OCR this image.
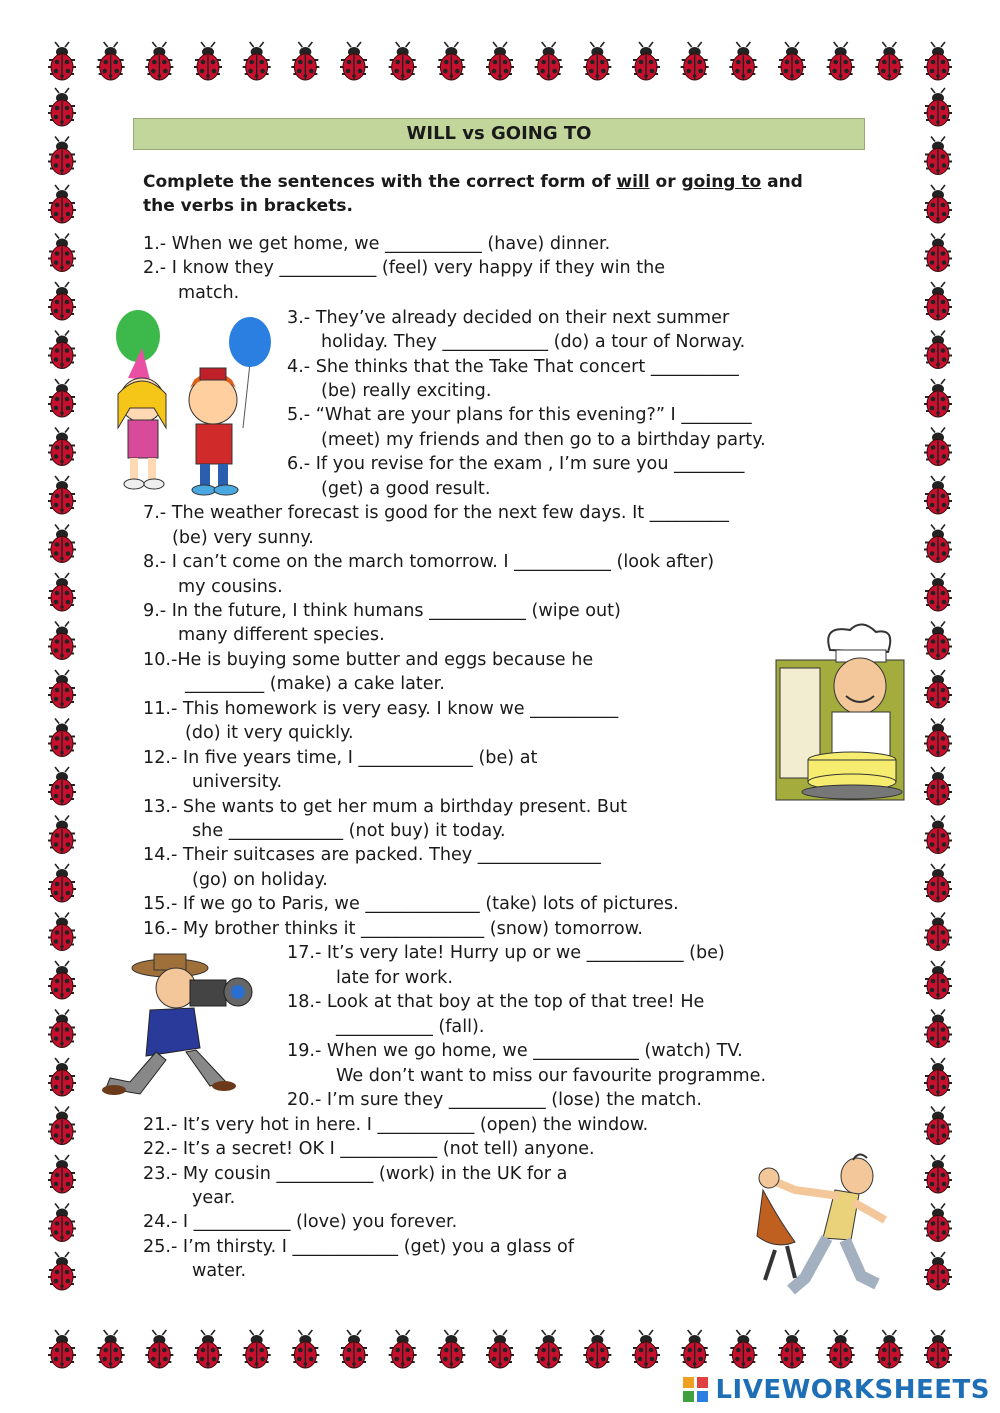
WILL vs GOING TO
Complete the sentences with the correct form of will or going to and
the verbs in brackets.
1.- When we get home, we ___________ (have) dinner.
2.- I know they ___________ (feel) very happy if they win the
match.
3.- They’ve already decided on their next summer
holiday. They ____________ (do) a tour of Norway.
4.- She thinks that the Take That concert __________
(be) really exciting.
5.- “What are your plans for this evening?” I ________
(meet) my friends and then go to a birthday party.
6.- If you revise for the exam , I’m sure you ________
(get) a good result.
7.- The weather forecast is good for the next few days. It _________
(be) very sunny.
8.- I can’t come on the march tomorrow. I ___________ (look after)
my cousins.
9.- In the future, I think humans ___________ (wipe out)
many different species.
10.-He is buying some butter and eggs because he
_________ (make) a cake later.
11.- This homework is very easy. I know we __________
(do) it very quickly.
12.- In five years time, I _____________ (be) at
university.
13.- She wants to get her mum a birthday present. But
she _____________ (not buy) it today.
14.- Their suitcases are packed. They ______________
(go) on holiday.
15.- If we go to Paris, we _____________ (take) lots of pictures.
16.- My brother thinks it ______________ (snow) tomorrow.
17.- It’s very late! Hurry up or we ___________ (be)
late for work.
18.- Look at that boy at the top of that tree! He
___________ (fall).
19.- When we go home, we ____________ (watch) TV.
We don’t want to miss our favourite programme.
20.- I’m sure they ___________ (lose) the match.
21.- It’s very hot in here. I ___________ (open) the window.
22.- It’s a secret! OK I ___________ (not tell) anyone.
23.- My cousin ___________ (work) in the UK for a
year.
24.- I ___________ (love) you forever.
25.- I’m thirsty. I ____________ (get) you a glass of
water.
LIVEWORKSHEETS
